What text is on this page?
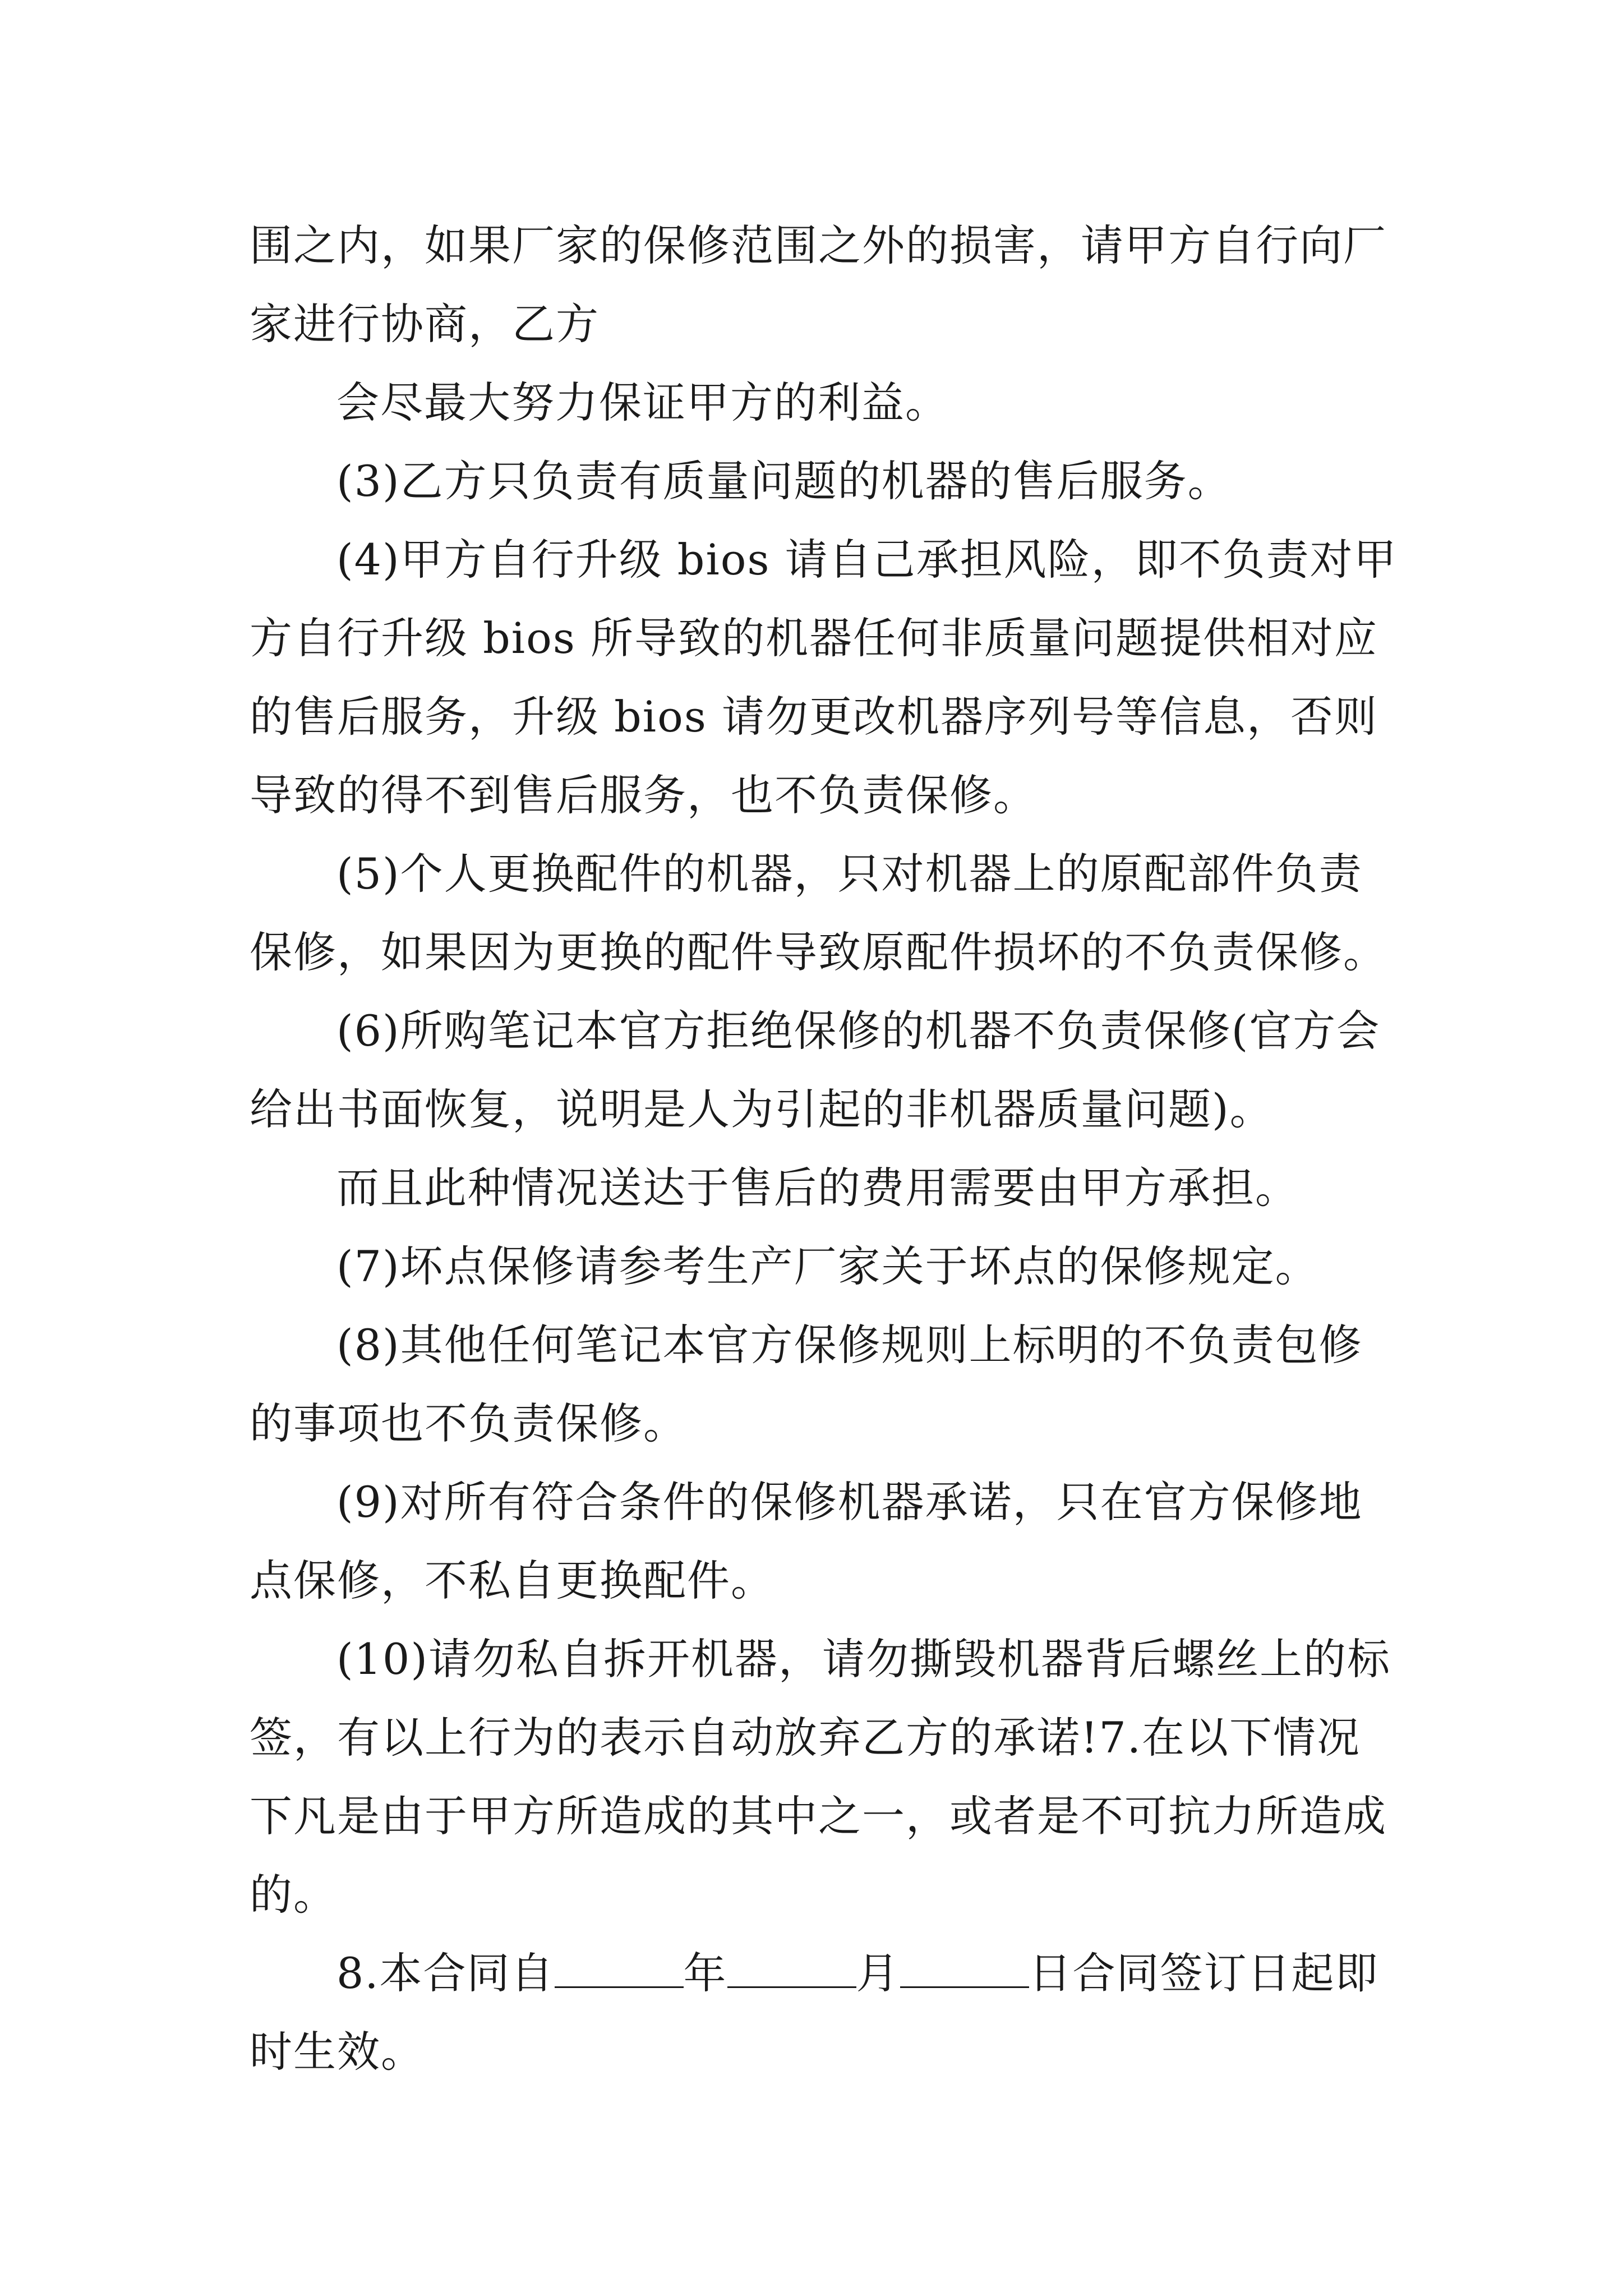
围之内，如果厂家的保修范围之外的损害，请甲方自行向厂

家进行协商，乙方

会尽最大努力保证甲方的利益。

(3)乙方只负责有质量问题的机器的售后服务。

(4)甲方自行升级 bios 请自己承担风险，即不负责对甲

方自行升级 bios 所导致的机器任何非质量问题提供相对应

的售后服务，升级 bios 请勿更改机器序列号等信息，否则

导致的得不到售后服务，也不负责保修。

(5)个人更换配件的机器，只对机器上的原配部件负责

保修，如果因为更换的配件导致原配件损坏的不负责保修。

(6)所购笔记本官方拒绝保修的机器不负责保修(官方会

给出书面恢复，说明是人为引起的非机器质量问题)。

而且此种情况送达于售后的费用需要由甲方承担。

(7)坏点保修请参考生产厂家关于坏点的保修规定。

(8)其他任何笔记本官方保修规则上标明的不负责包修

的事项也不负责保修。

(9)对所有符合条件的保修机器承诺，只在官方保修地

点保修，不私自更换配件。

(10)请勿私自拆开机器，请勿撕毁机器背后螺丝上的标

签，有以上行为的表示自动放弃乙方的承诺!7.在以下情况

下凡是由于甲方所造成的其中之一，或者是不可抗力所造成

的。

8.本合同自	年	月	日合同签订日起即

时生效。
